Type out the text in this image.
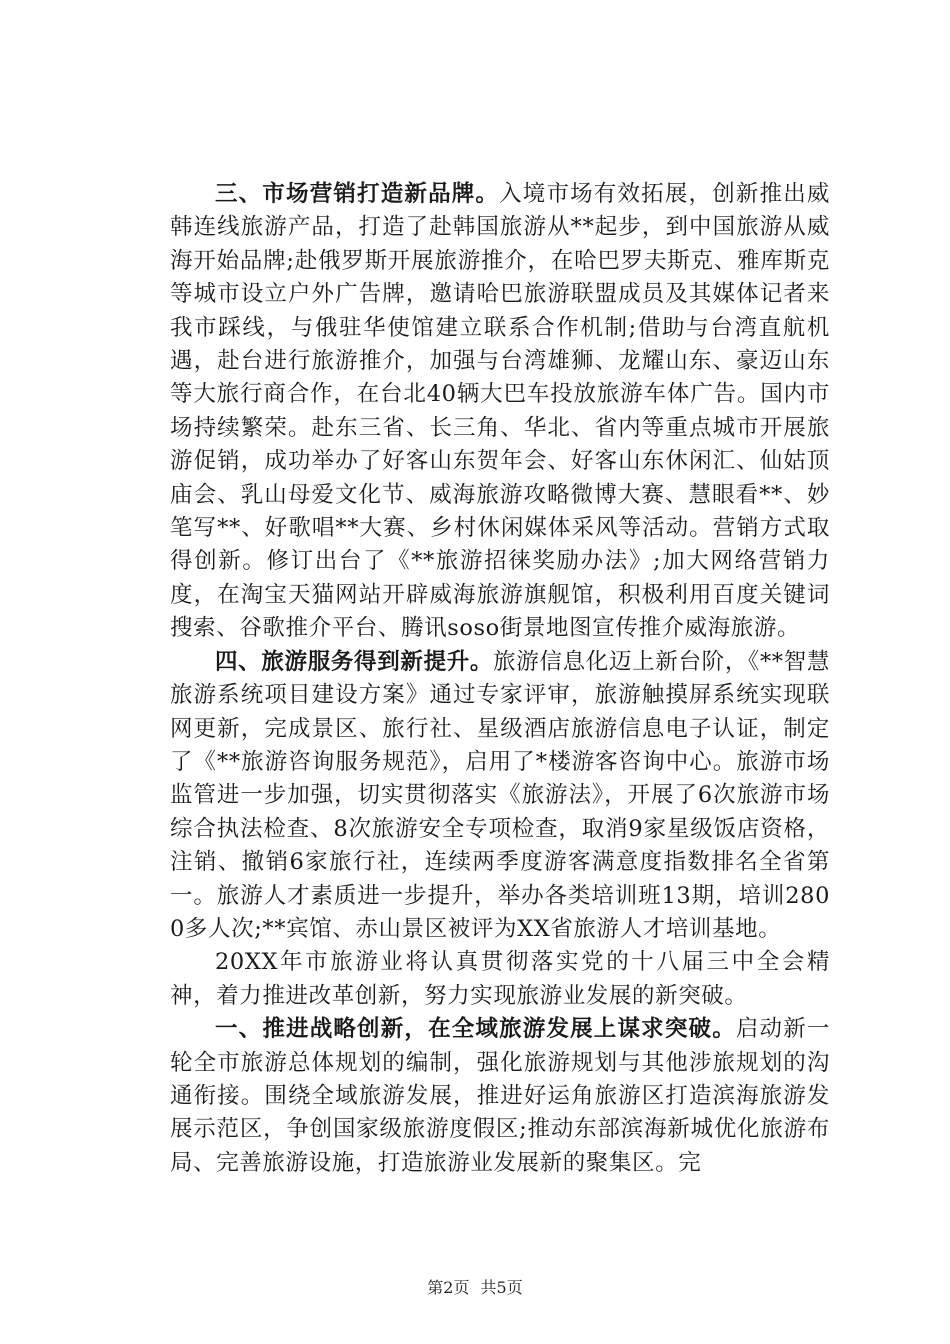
三、市场营销打造新品牌。入境市场有效拓展，创新推出威韩连线旅游产品，打造了赴韩国旅游从**起步，到中国旅游从威海开始品牌;赴俄罗斯开展旅游推介，在哈巴罗夫斯克、雅库斯克等城市设立户外广告牌，邀请哈巴旅游联盟成员及其媒体记者来我市踩线，与俄驻华使馆建立联系合作机制;借助与台湾直航机遇，赴台进行旅游推介，加强与台湾雄狮、龙耀山东、豪迈山东等大旅行商合作，在台北40辆大巴车投放旅游车体广告。国内市场持续繁荣。赴东三省、长三角、华北、省内等重点城市开展旅游促销，成功举办了好客山东贺年会、好客山东休闲汇、仙姑顶庙会、乳山母爱文化节、威海旅游攻略微博大赛、慧眼看**、妙笔写**、好歌唱**大赛、乡村休闲媒体采风等活动。营销方式取得创新。修订出台了《**旅游招徕奖励办法》;加大网络营销力度，在淘宝天猫网站开辟威海旅游旗舰馆，积极利用百度关键词搜索、谷歌推介平台、腾讯soso街景地图宣传推介威海旅游。

四、旅游服务得到新提升。旅游信息化迈上新台阶，《**智慧旅游系统项目建设方案》通过专家评审，旅游触摸屏系统实现联网更新，完成景区、旅行社、星级酒店旅游信息电子认证，制定了《**旅游咨询服务规范》，启用了*楼游客咨询中心。旅游市场监管进一步加强，切实贯彻落实《旅游法》，开展了6次旅游市场综合执法检查、8次旅游安全专项检查，取消9家星级饭店资格，注销、撤销6家旅行社，连续两季度游客满意度指数排名全省第一。旅游人才素质进一步提升，举办各类培训班13期，培训2800多人次;**宾馆、赤山景区被评为XX省旅游人才培训基地。

20XX年市旅游业将认真贯彻落实党的十八届三中全会精神，着力推进改革创新，努力实现旅游业发展的新突破。

一、推进战略创新，在全域旅游发展上谋求突破。启动新一轮全市旅游总体规划的编制，强化旅游规划与其他涉旅规划的沟通衔接。围绕全域旅游发展，推进好运角旅游区打造滨海旅游发展示范区，争创国家级旅游度假区;推动东部滨海新城优化旅游布局、完善旅游设施，打造旅游业发展新的聚集区。完

第2页 共5页
